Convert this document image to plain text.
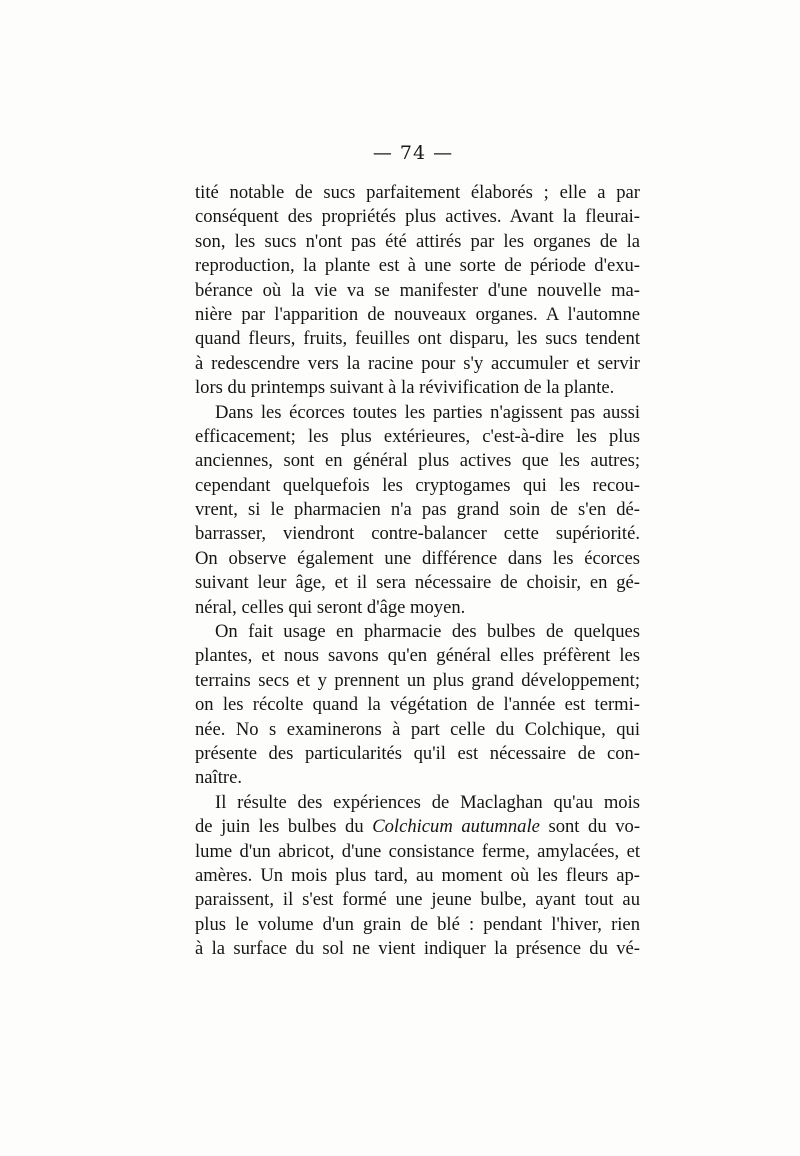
— 74 —
tité notable de sucs parfaitement élaborés ; elle a par
conséquent des propriétés plus actives. Avant la fleurai-
son, les sucs n'ont pas été attirés par les organes de la
reproduction, la plante est à une sorte de période d'exu-
bérance où la vie va se manifester d'une nouvelle ma-
nière par l'apparition de nouveaux organes. A l'automne
quand fleurs, fruits, feuilles ont disparu, les sucs tendent
à redescendre vers la racine pour s'y accumuler et servir
lors du printemps suivant à la révivification de la plante.
Dans les écorces toutes les parties n'agissent pas aussi
efficacement; les plus extérieures, c'est-à-dire les plus
anciennes, sont en général plus actives que les autres;
cependant quelquefois les cryptogames qui les recou-
vrent, si le pharmacien n'a pas grand soin de s'en dé-
barrasser, viendront contre-balancer cette supériorité.
On observe également une différence dans les écorces
suivant leur âge, et il sera nécessaire de choisir, en gé-
néral, celles qui seront d'âge moyen.
On fait usage en pharmacie des bulbes de quelques
plantes, et nous savons qu'en général elles préfèrent les
terrains secs et y prennent un plus grand développement;
on les récolte quand la végétation de l'année est termi-
née. No s examinerons à part celle du Colchique, qui
présente des particularités qu'il est nécessaire de con-
naître.
Il résulte des expériences de Maclaghan qu'au mois
de juin les bulbes du Colchicum autumnale sont du vo-
lume d'un abricot, d'une consistance ferme, amylacées, et
amères. Un mois plus tard, au moment où les fleurs ap-
paraissent, il s'est formé une jeune bulbe, ayant tout au
plus le volume d'un grain de blé : pendant l'hiver, rien
à la surface du sol ne vient indiquer la présence du vé-
